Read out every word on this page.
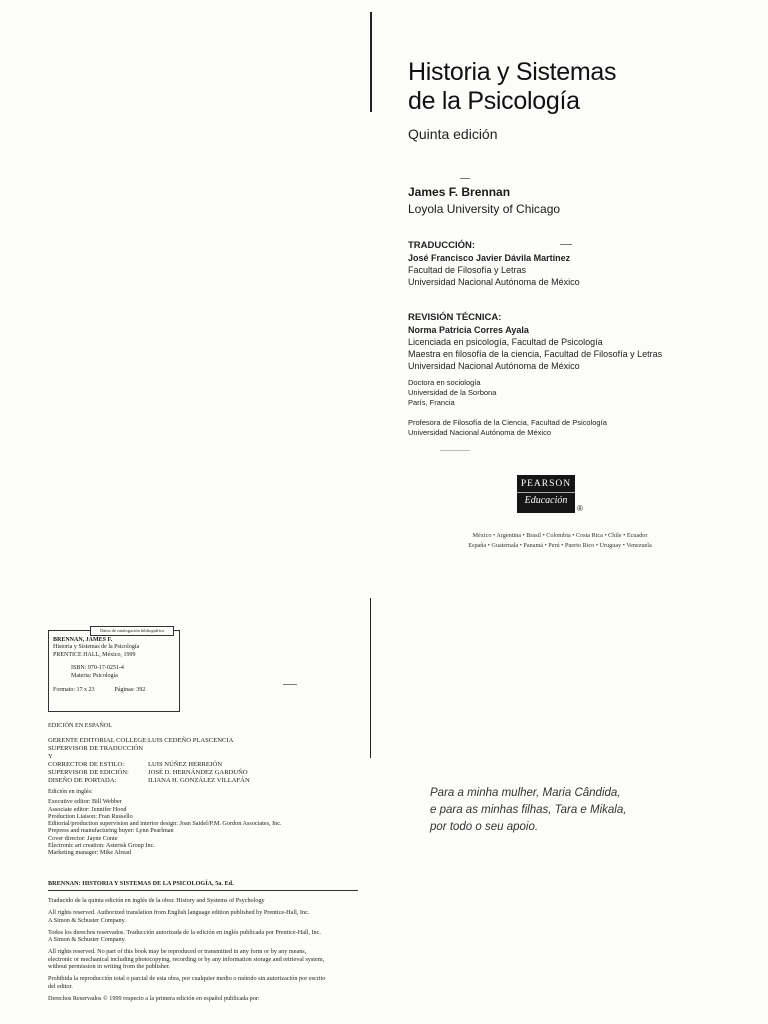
Historia y Sistemas
de la Psicología
Quinta edición
James F. Brennan
Loyola University of Chicago
TRADUCCIÓN:
José Francisco Javier Dávila Martínez
Facultad de Filosofía y Letras
Universidad Nacional Autónoma de México
REVISIÓN TÉCNICA:
Norma Patricia Corres Ayala
Licenciada en psicología, Facultad de Psicología
Maestra en filosofía de la ciencia, Facultad de Filosofía y Letras
Universidad Nacional Autónoma de México
Doctora en sociología
Universidad de la Sorbona
París, Francia
Profesora de Filosofía de la Ciencia, Facultad de Psicología
Universidad Nacional Autónoma de México
PEARSON
Educación
®
México • Argentina • Brasil • Colombia • Costa Rica • Chile • Ecuador
España • Guatemala • Panamá • Perú • Puerto Rico • Uruguay • Venezuela
BRENNAN, JAMES F.
Historia y Sistemas de la Psicología
PRENTICE HALL, México, 1999
ISBN: 970-17-0251-4
Materia: Psicología
Formato: 17 x 23	Páginas: 392
Datos de catalogación bibliográfica
EDICIÓN EN ESPAÑOL
GERENTE EDITORIAL COLLEGE: LUIS CEDEÑO PLASCENCIA
SUPERVISOR DE TRADUCCIÓN Y
CORRECTOR DE ESTILO:	LUIS NÚÑEZ HERREJÓN
SUPERVISOR DE EDICIÓN:	JOSÉ D. HERNÁNDEZ GARDUÑO
DISEÑO DE PORTADA:	ILIANA H. GONZÁLEZ VILLAFÁN
Edición en inglés:
Executive editor: Bill Webber
Associate editor: Jennifer Hood
Production Liaison: Fran Russello
Editorial/production supervision and interior design: Joan Saidel/P.M. Gordon Associates, Inc.
Prepress and manufacturing buyer: Lynn Pearlman
Cover director: Jayne Conte
Electronic art creation: Asterisk Group Inc.
Marketing manager: Mike Alread
BRENNAN: HISTORIA Y SISTEMAS DE LA PSICOLOGÍA, 5a. Ed.
Traducido de la quinta edición en inglés de la obra: History and Systems of Psychology
All rights reserved. Authorized translation from English language edition published by Prentice-Hall, Inc.
A Simon & Schuster Company.
Todos los derechos reservados. Traducción autorizada de la edición en inglés publicada por Prentice-Hall, Inc.
A Simon & Schuster Company.
All rights reserved. No part of this book may be reproduced or transmitted in any form or by any means,
electronic or mechanical including photocopying, recording or by any information storage and retrieval system,
without permission in writing from the publisher.
Prohibida la reproducción total o parcial de esta obra, por cualquier medio o método sin autorización por escrito
del editor.
Derechos Reservados © 1999 respecto a la primera edición en español publicada por:
Para a minha mulher, Maria Cândida,
e para as minhas filhas, Tara e Mikala,
por todo o seu apoio.
